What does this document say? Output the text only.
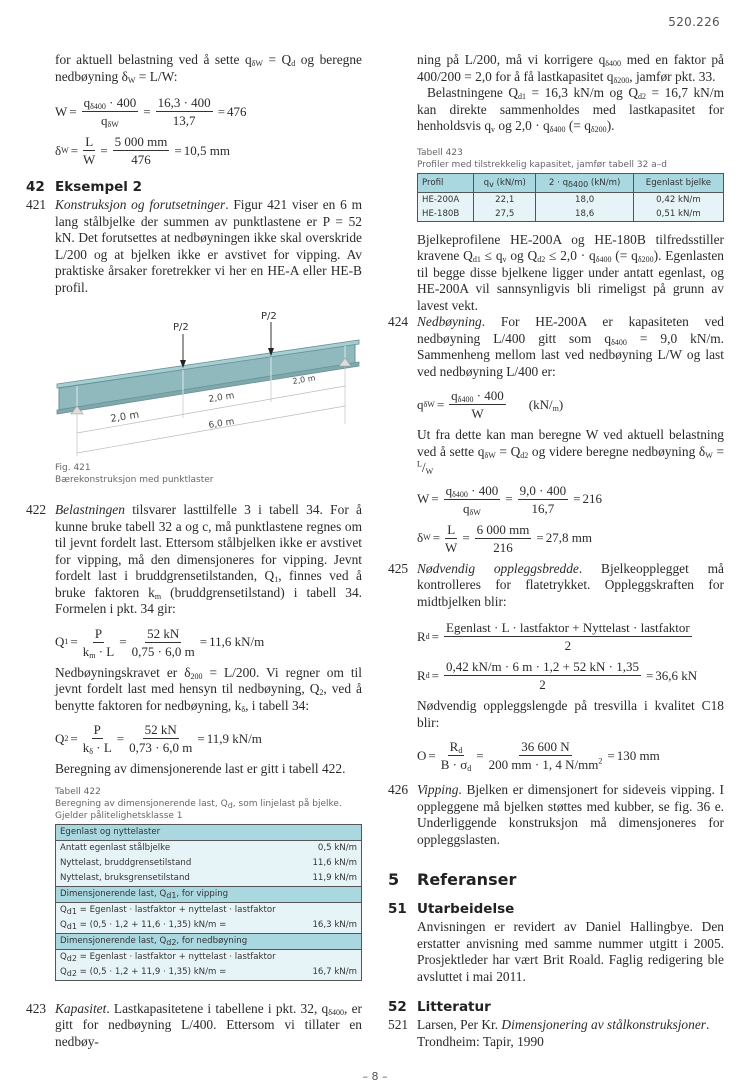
520.226

for aktuell belastning ved å sette $q_{\delta W} = Q_d$ og beregne nedbøyning $\delta_W = L/W$:

$W = \frac{q_{\delta 400} \cdot 400}{q_{\delta W}} = \frac{16,3 \cdot 400}{13,7} = 476$
δ $W = \frac{L}{W} = \frac{5 000 mm}{476} = 10,5$ mm
42 Eksempel 2
421 Konstruksjon og forutsetninger. Figur 421 viser en 6 m lang stålbjelke der summen av punktlastene er P = 52 kN. Det forutsettes at nedbøyningen ikke skal overskride L/200 og at bjelken ikke er avstivet for vipping. Av praktiske årsaker foretrekker vi her en HE-A eller HE-B profil.

P/2
P/2
2,0 m
2,0 m
2,0 m
6,0 m
Fig. 421
Bærekonstruksjon med punktlaster
422 Belastningen tilsvarer lasttilfelle 3 i tabell 34. For å kunne bruke tabell 32 a og c, må punktlastene regnes om til jevnt fordelt last. Ettersom stålbjelken ikke er avstivet for vipping, må den dimensjoneres for vipping. Jevnt fordelt last i bruddgrensetilstanden, $Q_1$, finnes ved å bruke faktoren $k_m$ (bruddgrensetilstand) i tabell 34. Formelen i pkt. 34 gir:

Q $1 = \frac{P}{k_m \cdot L} = \frac{52 kN}{0,75 \cdot 6,0 m} = 11,6$ kN/m

Nedbøyningskravet er $\delta_{200} = L/200$. Vi regner om til jevnt fordelt last med hensyn til nedbøyning, $Q_2$, ved å benytte faktoren for nedbøyning, $k_\delta$, i tabell 34:

Q $2 = \frac{P}{k_\delta \cdot L} = \frac{52 kN}{0,73 \cdot 6,0 m} = 11,9$ kN/m

Beregning av dimensjonerende last er gitt i tabell 422.

Tabell 422
Beregning av dimensjonerende last, $Q_d$, som linjelast på bjelke. Gjelder pålitelighetsklasse 1
Egenlast og nyttelaster	
Antatt egenlast stålbjelke	0,5 kN/m
Nyttelast, bruddgrensetilstand	11,6 kN/m
Nyttelast, bruksgrensetilstand	11,9 kN/m
Dimensjonerende last, $Q_{d1}$, for vipping	
$Q_{d1}$ = Egenlast · lastfaktor + nyttelast · lastfaktor	
$Q_{d1} = (0,5 \cdot 1,2 + 11,6 \cdot 1,35) kN/m$ =	16,3 kN/m
Dimensjonerende last, $Q_{d2}$, for nedbøyning	
$Q_{d2}$ = Egenlast · lastfaktor + nyttelast · lastfaktor	
$Q_{d2} = (0,5 \cdot 1,2 + 11,9 \cdot 1,35) kN/m$ =	16,7 kN/m
423 Kapasitet. Lastkapasitetene i tabellene i pkt. 32, $q_{\delta 400}$, er gitt for nedbøyning L/400. Ettersom vi tillater en nedbøy-

ning på L/200, må vi korrigere $q_{\delta 400}$ med en faktor på 400/200 = 2,0 for å få lastkapasitet $q_{\delta 200}$, jamfør pkt. 33.

Belastningene $Q_{d1} = 16,3$ kN/m og $Q_{d2} = 16,7$ kN/m kan direkte sammenholdes med lastkapasitet for henholdsvis $q_v$ og $2,0 \cdot q_{\delta 400}$ (= $q_{\delta 200}$).

Tabell 423
Profiler med tilstrekkelig kapasitet, jamfør tabell 32 a–d
Profil	$q_v$ (kN/m)	$2 \cdot q_{\delta 400}$ (kN/m)	Egenlast bjelke
HE-200A	22,1	18,0	0,42 kN/m
HE-180B	27,5	18,6	0,51 kN/m

Bjelkeprofilene HE-200A og HE-180B tilfredsstiller kravene $Q_{d1} \le q_v$ og $Q_{d2} \le 2,0 \cdot q_{\delta 400}$ (= $q_{\delta 200}$). Egenlasten til begge disse bjelkene ligger under antatt egenlast, og HE-200A vil sannsynligvis bli rimeligst på grunn av lavest vekt.

424 Nedbøyning. For HE-200A er kapasiteten ved nedbøyning L/400 gitt som $q_{\delta 400} = 9,0$ kN/m. Sammenheng mellom last ved nedbøyning L/W og last ved nedbøyning L/400 er:

q $\delta W = \frac{q_{\delta 400} \cdot 400}{W} (kN/_m)$

Ut fra dette kan man beregne W ved aktuell belastning ved å sette $q_{\delta W} = Q_{d2}$ og videre beregne nedbøyning $\delta_W = ^L/_W$

$W = \frac{q_{\delta 400} \cdot 400}{q_{\delta W}} = \frac{9,0 \cdot 400}{16,7} = 216$
δ $W = \frac{L}{W} = \frac{6 000 mm}{216} = 27,8$ mm
425 Nødvendig oppleggsbredde. Bjelkeopplegget må kontrolleres for flatetrykket. Oppleggskraften for midtbjelken blir:

R $d = \frac{\text{Egenlast · L · lastfaktor + Nyttelast · lastfaktor}}{2}$
R $d = \frac{0,42 kN/m \cdot 6 m \cdot 1,2 + 52 kN \cdot 1,35}{2} = 36,6$ kN

Nødvendig oppleggslengde på tresvilla i kvalitet C18 blir:

$O = \frac{R_d}{B \cdot \sigma_d} = \frac{36 600 N}{200 mm \cdot 1, 4 N/mm^2} = 130$ mm
426 Vipping. Bjelken er dimensjonert for sideveis vipping. I oppleggene må bjelken støttes med kubber, se fig. 36 e. Underliggende konstruksjon må dimensjoneres for oppleggslasten.

5 Referanser
51 Utarbeidelse

Anvisningen er revidert av Daniel Hallingbye. Den erstatter anvisning med samme nummer utgitt i 2005. Prosjektleder har vært Brit Roald. Faglig redigering ble avsluttet i mai 2011.

52 Litteratur
521 Larsen, Per Kr. Dimensjonering av stålkonstruksjoner. Trondheim: Tapir, 1990

– 8 –
